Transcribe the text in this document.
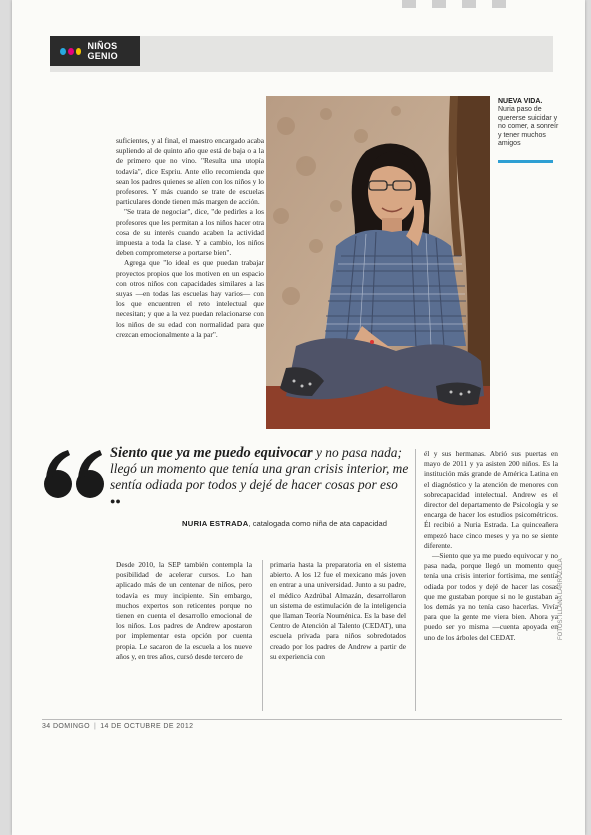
NIÑOS GENIO

suficientes, y al final, el maestro encargado acaba supliendo al de quinto año que está de baja o a la de primero que no vino. "Resulta una utopía todavía", dice Espriu. Ante ello recomienda que sean los padres quienes se alíen con los niños y lo profesores. Y más cuando se trate de escuelas particulares donde tienen más margen de acción.

"Se trata de negociar", dice, "de pedirles a los profesores que les permitan a los niños hacer otra cosa de su interés cuando acaben la actividad impuesta a toda la clase. Y a cambio, los niños deben comprometerse a portarse bien".

Agrega que "lo ideal es que puedan trabajar proyectos propios que los motiven en un espacio con otros niños con capacidades similares a las suyas —en todas las escuelas hay varios— con los que encuentren el reto intelectual que necesitan; y que a la vez puedan relacionarse con los niños de su edad con normalidad para que crezcan emocionalmente a la par".

NUEVA VIDA.
Nuria paso de quererse suicidar y no comer, a sonreír y tener muchos amigos
Siento que ya me puedo equivocar y no pasa nada; llegó un momento que tenía una gran crisis interior, me sentía odiada por todos y dejé de hacer cosas por eso ●●
NURIA ESTRADA, catalogada como niña de ata capacidad

él y sus hermanas. Abrió sus puertas en mayo de 2011 y ya asisten 200 niños. Es la institución más grande de América Latina en el diagnóstico y la atención de menores con sobrecapacidad intelectual. Andrew es el director del departamento de Psicología y se encarga de hacer los estudios psicométricos. Él recibió a Nuria Estrada. La quinceañera empezó hace cinco meses y ya no se siente diferente.

—Siento que ya me puedo equivocar y no pasa nada, porque llegó un momento que tenía una crisis interior fortísima, me sentía odiada por todos y dejé de hacer las cosas que me gustaban porque si no le gustaban a los demás ya no tenía caso hacerlas. Vivía para que la gente me viera bien. Ahora ya puedo ser yo misma —cuenta apoyada en uno de los árboles del CEDAT.

Desde 2010, la SEP también contempla la posibilidad de acelerar cursos. Lo han aplicado más de un centenar de niños, pero todavía es muy incipiente. Sin embargo, muchos expertos son reticentes porque no tienen en cuenta el desarrollo emocional de los niños. Los padres de Andrew apostaron por implementar esta opción por cuenta propia. Le sacaron de la escuela a los nueve años y, en tres años, cursó desde tercero de

primaria hasta la preparatoria en el sistema abierto. A los 12 fue el mexicano más joven en entrar a una universidad. Junto a su padre, el médico Azdrúbal Almazán, desarrollaron un sistema de estimulación de la inteligencia que llaman Teoría Nouménica. Es la base del Centro de Atención al Talento (CEDAT), una escuela privada para niños sobredotados creado por los padres de Andrew a partir de su experiencia con

FOTOS: ILLANA LARRAZOLA
34 DOMINGO | 14 DE OCTUBRE DE 2012
